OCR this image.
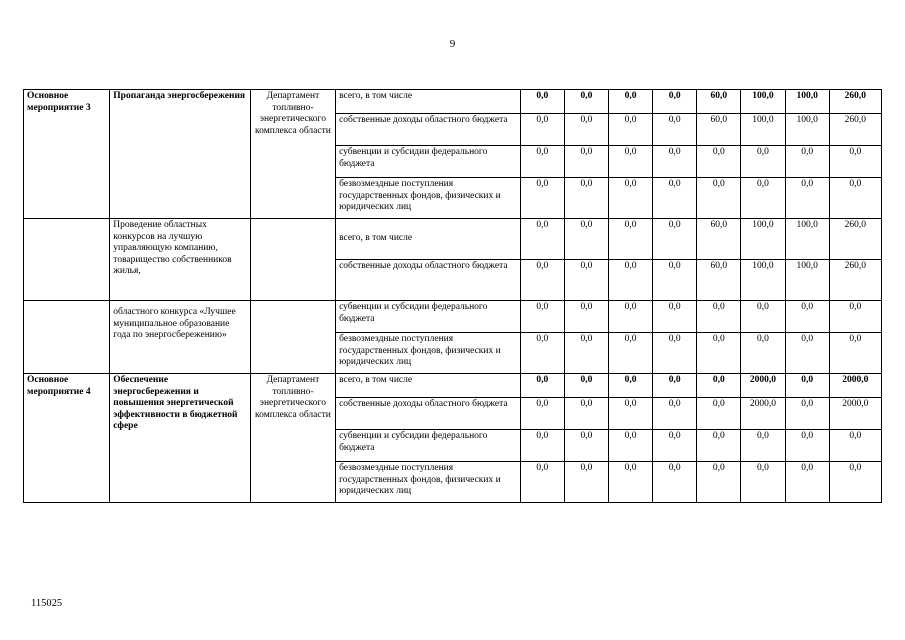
9
Основное мероприятие 3	Пропаганда энергосбережения	Департамент топливно-энергетического комплекса области	всего, в том числе	0,0	0,0	0,0	0,0	60,0	100,0	100,0	260,0
			собственные доходы областного бюджета	0,0	0,0	0,0	0,0	60,0	100,0	100,0	260,0
			субвенции и субсидии федерального бюджета	0,0	0,0	0,0	0,0	0,0	0,0	0,0	0,0
			безвозмездные поступления государственных фондов, физических и юридических лиц	0,0	0,0	0,0	0,0	0,0	0,0	0,0	0,0
	Проведение областных конкурсов на лучшую управляющую компанию, товарищество собственников жилья,		всего, в том числе	0,0	0,0	0,0	0,0	60,0	100,0	100,0	260,0
			собственные доходы областного бюджета	0,0	0,0	0,0	0,0	60,0	100,0	100,0	260,0
	областного конкурса «Лучшее муниципальное образование года по энергосбережению»		субвенции и субсидии федерального бюджета	0,0	0,0	0,0	0,0	0,0	0,0	0,0	0,0
			безвозмездные поступления государственных фондов, физических и юридических лиц	0,0	0,0	0,0	0,0	0,0	0,0	0,0	0,0
Основное мероприятие 4	Обеспечение энергосбережения и повышения энергетической эффективности в бюджетной сфере	Департамент топливно-энергетического комплекса области	всего, в том числе	0,0	0,0	0,0	0,0	0,0	2000,0	0,0	2000,0
			собственные доходы областного бюджета	0,0	0,0	0,0	0,0	0,0	2000,0	0,0	2000,0
			субвенции и субсидии федерального бюджета	0,0	0,0	0,0	0,0	0,0	0,0	0,0	0,0
			безвозмездные поступления государственных фондов, физических и юридических лиц	0,0	0,0	0,0	0,0	0,0	0,0	0,0	0,0
115025
